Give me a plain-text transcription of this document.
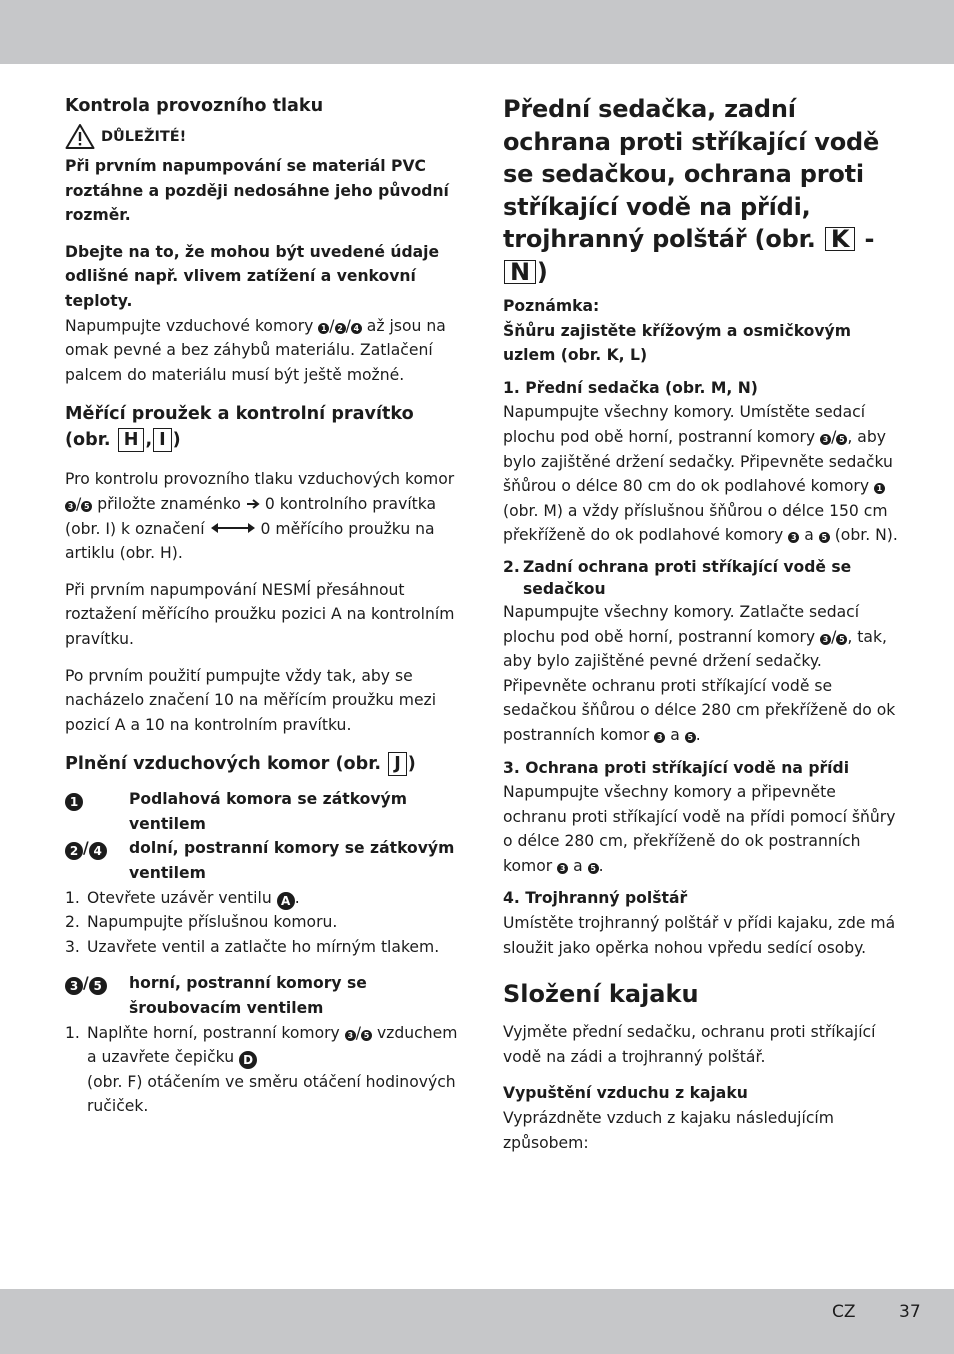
Kontrola provozního tlaku

DŮLEŽITÉ!

Při prvním napumpování se materiál PVC roztáhne a později nedosáhne jeho původní rozměr.

Dbejte na to, že mohou být uvedené údaje odlišné např. vlivem zatížení a venkovní teploty.

Napumpujte vzduchové komory 1 / 2 / 4 až jsou na omak pevné a bez záhybů materiálu. Zatlačení palcem do materiálu musí být ještě možné.

Měřící proužek a kontrolní pravítko (obr. H , I )

Pro kontrolu provozního tlaku vzduchových komor 3 / 5 přiložte znaménko  0 kontrolního pravítka (obr. I) k označení	0 měřícího proužku na artiklu (obr. H).

Při prvním napumpování NESMÍ přesáhnout roztažení měřícího proužku pozici A na kontrolním pravítku.

Po prvním použití pumpujte vždy tak, aby se nacházelo značení 10 na měřícím proužku mezi pozicí A a 10 na kontrolním pravítku.

Plnění vzduchových komor (obr. J )

1	Podlahová komora se zátkovým ventilem
2 / 4	dolní, postranní komory se zátkovým ventilem
1. Otevřete uzávěr ventilu A .
2. Napumpujte příslušnou komoru.
3. Uzavřete ventil a zatlačte ho mírným tlakem.
3 / 5	horní, postranní komory se šroubovacím ventilem
1. Naplňte horní, postranní komory 3 / 5 vzduchem a uzavřete čepičku D
(obr. F) otáčením ve směru otáčení hodinových ručiček.

Přední sedačka, zadní ochrana proti stříkající vodě se sedačkou, ochrana proti stříkající vodě na přídi, trojhranný polštář (obr. K - N )

Poznámka:

Šňůru zajistěte křížovým a osmičkovým uzlem (obr. K, L)

1. Přední sedačka (obr. M, N)

Napumpujte všechny komory. Umístěte sedací plochu pod obě horní, postranní komory 3 / 5 , aby bylo zajištěné držení sedačky. Připevněte sedačku šňůrou o délce 80 cm do ok podlahové komory 1 (obr. M) a vždy příslušnou šňůrou o délce 150 cm překříženě do ok podlahové komory 3 a 5 (obr. N).

2. Zadní ochrana proti stříkající vodě se sedačkou

Napumpujte všechny komory. Zatlačte sedací plochu pod obě horní, postranní komory 3 / 5 , tak, aby bylo zajištěné pevné držení sedačky. Připevněte ochranu proti stříkající vodě se sedačkou šňůrou o délce 280 cm překříženě do ok postranních komor 3 a 5 .

3. Ochrana proti stříkající vodě na přídi

Napumpujte všechny komory a připevněte ochranu proti stříkající vodě na přídi pomocí šňůry o délce 280 cm, překříženě do ok postranních komor 3 a 5 .

4. Trojhranný polštář

Umístěte trojhranný polštář v přídi kajaku, zde má sloužit jako opěrka nohou vpředu sedící osoby.

Složení kajaku

Vyjměte přední sedačku, ochranu proti stříkající vodě na zádi a trojhranný polštář.

Vypuštění vzduchu z kajaku

Vyprázdněte vzduch z kajaku následujícím způsobem:

CZ	37
